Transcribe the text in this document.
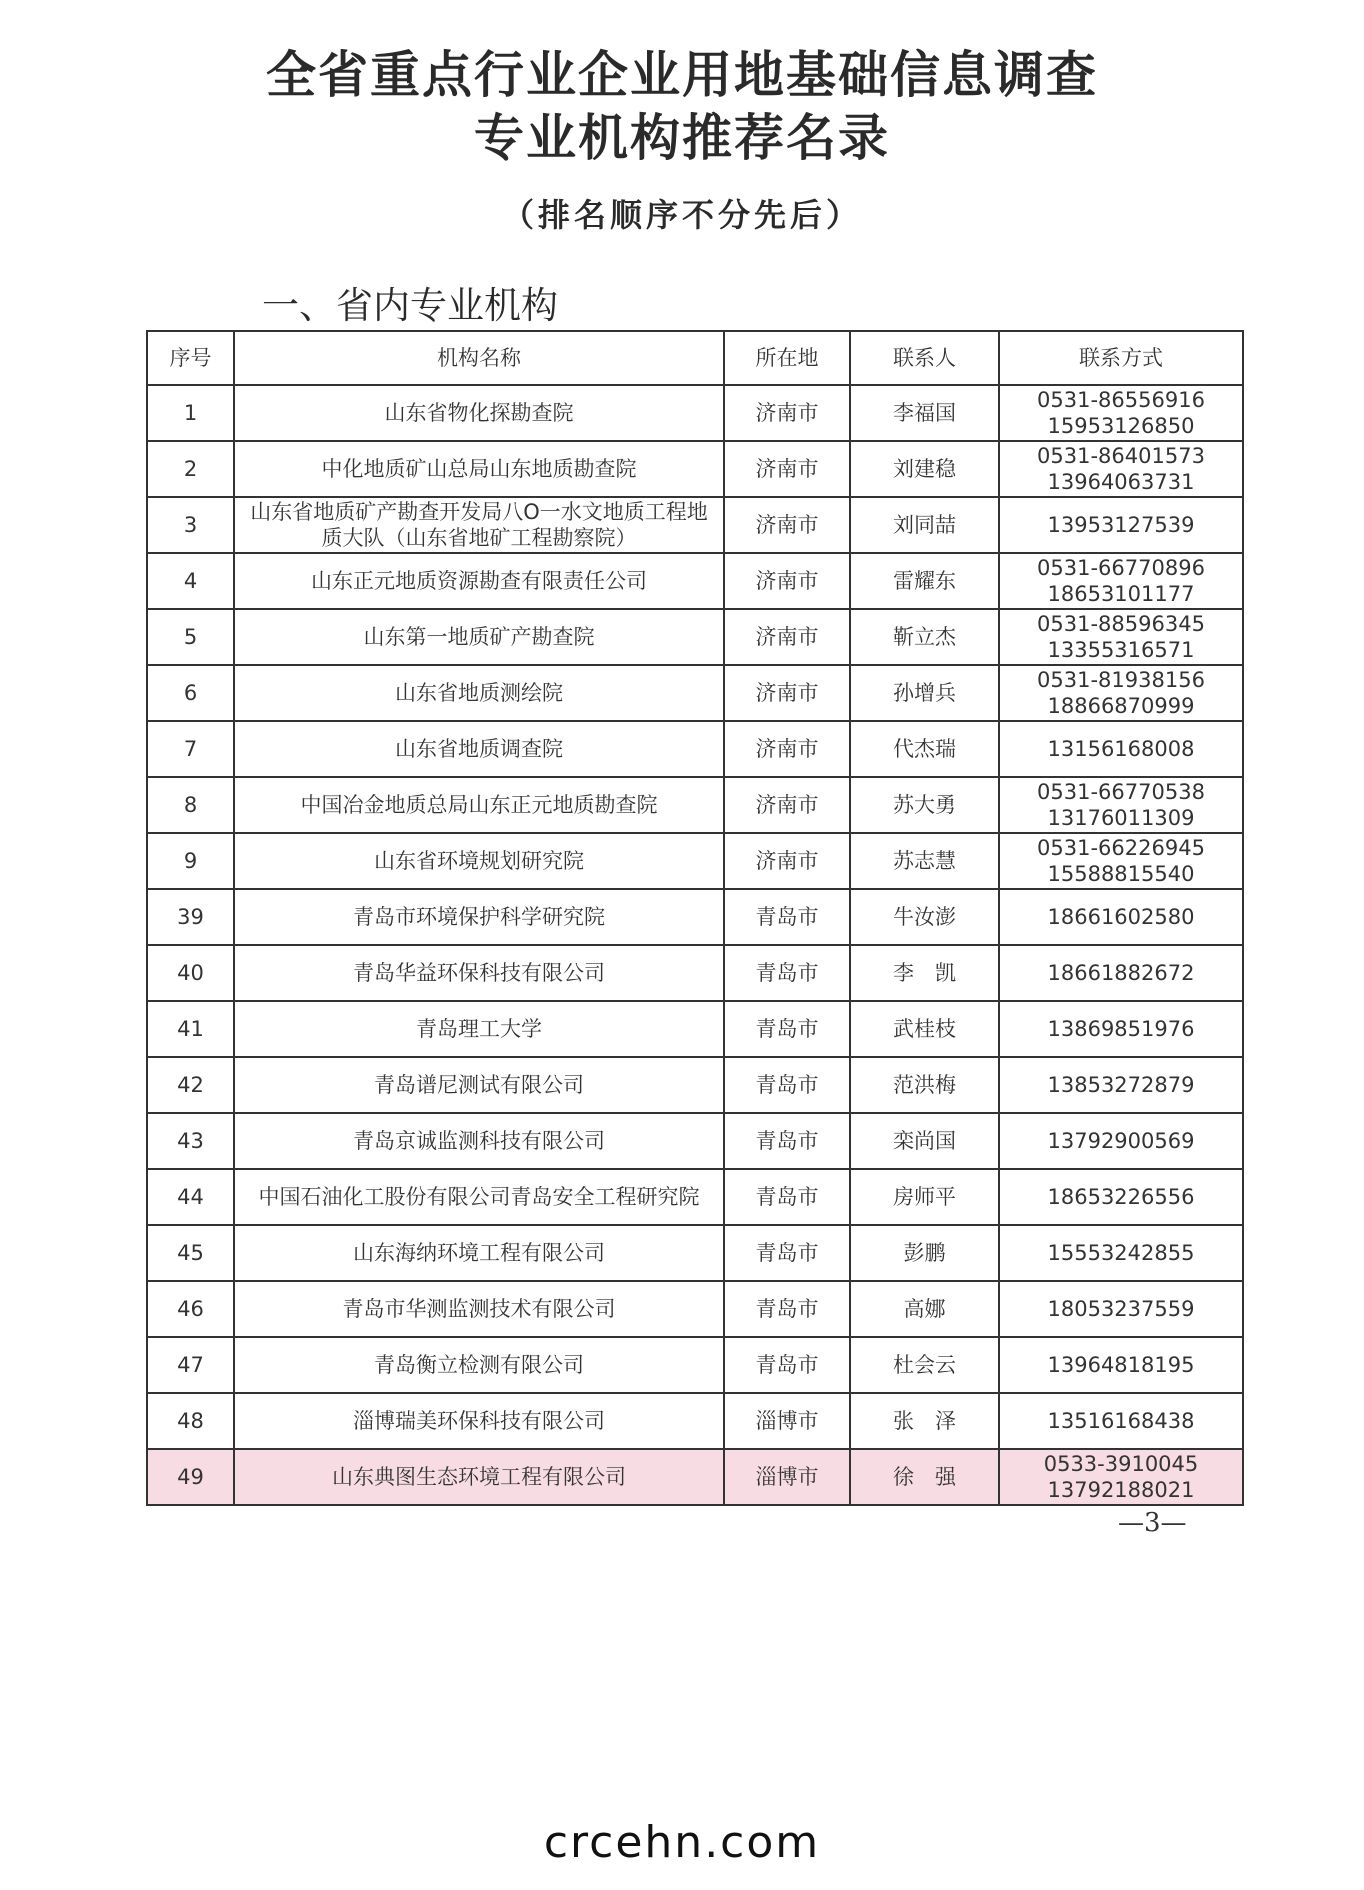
全省重点行业企业用地基础信息调查
专业机构推荐名录
（排名顺序不分先后）
一、省内专业机构
序号	机构名称	所在地	联系人	联系方式
1	山东省物化探勘查院	济南市	李福国	0531-86556916
15953126850

2	中化地质矿山总局山东地质勘查院	济南市	刘建稳	0531-86401573
13964063731

3	山东省地质矿产勘查开发局八O一水文地质工程地质大队（山东省地矿工程勘察院）	济南市	刘同喆	13953127539

4	山东正元地质资源勘查有限责任公司	济南市	雷耀东	0531-66770896
18653101177

5	山东第一地质矿产勘查院	济南市	靳立杰	0531-88596345
13355316571

6	山东省地质测绘院	济南市	孙增兵	0531-81938156
18866870999

7	山东省地质调查院	济南市	代杰瑞	13156168008

8	中国冶金地质总局山东正元地质勘查院	济南市	苏大勇	0531-66770538
13176011309

9	山东省环境规划研究院	济南市	苏志慧	0531-66226945
15588815540

39	青岛市环境保护科学研究院	青岛市	牛汝澎	18661602580

40	青岛华益环保科技有限公司	青岛市	李　凯	18661882672

41	青岛理工大学	青岛市	武桂枝	13869851976

42	青岛谱尼测试有限公司	青岛市	范洪梅	13853272879

43	青岛京诚监测科技有限公司	青岛市	栾尚国	13792900569

44	中国石油化工股份有限公司青岛安全工程研究院	青岛市	房师平	18653226556

45	山东海纳环境工程有限公司	青岛市	彭鹏	15553242855

46	青岛市华测监测技术有限公司	青岛市	高娜	18053237559

47	青岛衡立检测有限公司	青岛市	杜会云	13964818195

48	淄博瑞美环保科技有限公司	淄博市	张　泽	13516168438

49	山东典图生态环境工程有限公司	淄博市	徐　强	0533-3910045
13792188021
—3—
crcehn.com
